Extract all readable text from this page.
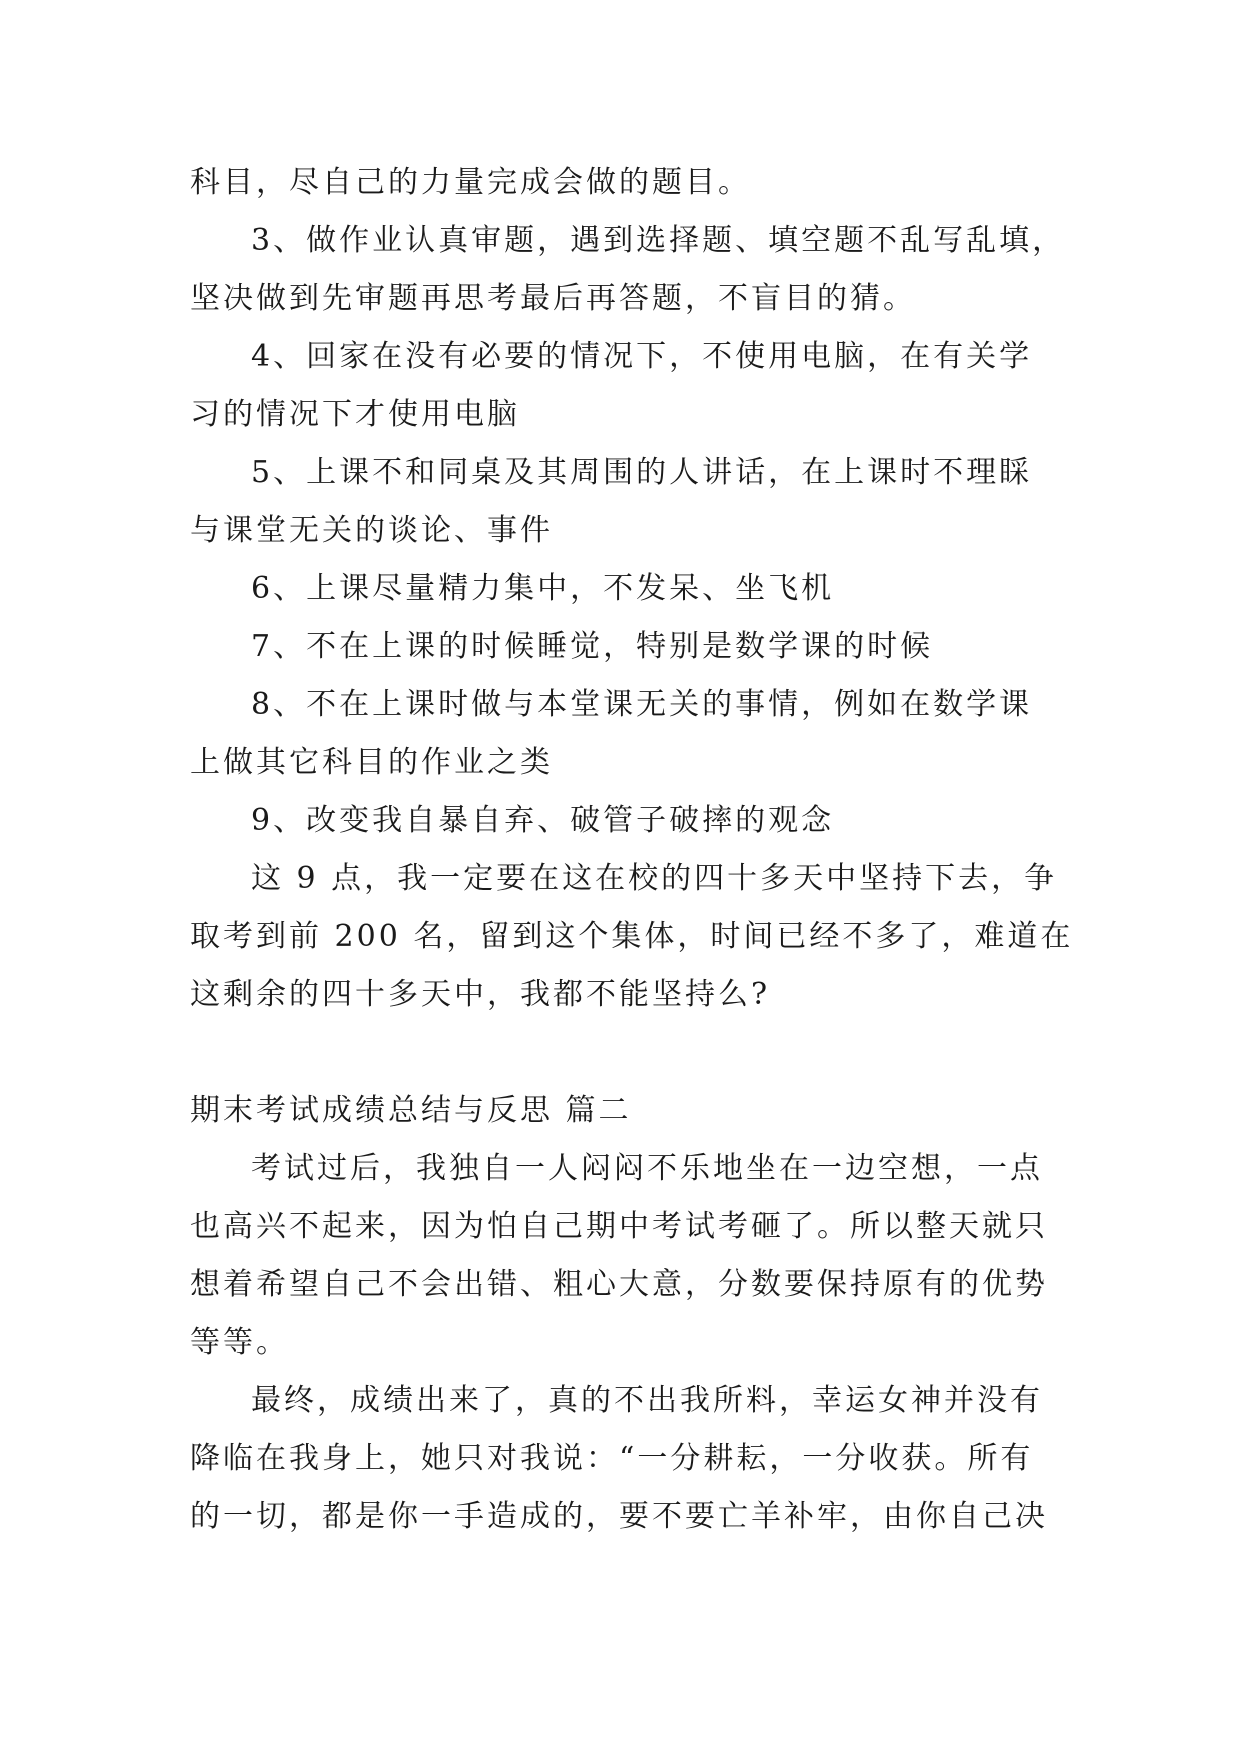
科目，尽自己的力量完成会做的题目。
3、做作业认真审题，遇到选择题、填空题不乱写乱填，
坚决做到先审题再思考最后再答题，不盲目的猜。
4、回家在没有必要的情况下，不使用电脑，在有关学
习的情况下才使用电脑
5、上课不和同桌及其周围的人讲话，在上课时不理睬
与课堂无关的谈论、事件
6、上课尽量精力集中，不发呆、坐飞机
7、不在上课的时候睡觉，特别是数学课的时候
8、不在上课时做与本堂课无关的事情，例如在数学课
上做其它科目的作业之类
9、改变我自暴自弃、破管子破摔的观念
这 9 点，我一定要在这在校的四十多天中坚持下去，争
取考到前 200 名，留到这个集体，时间已经不多了，难道在
这剩余的四十多天中，我都不能坚持么?
期末考试成绩总结与反思 篇二
考试过后，我独自一人闷闷不乐地坐在一边空想，一点
也高兴不起来，因为怕自己期中考试考砸了。所以整天就只
想着希望自己不会出错、粗心大意，分数要保持原有的优势
等等。
最终，成绩出来了，真的不出我所料，幸运女神并没有
降临在我身上，她只对我说：“一分耕耘，一分收获。所有
的一切，都是你一手造成的，要不要亡羊补牢，由你自己决
